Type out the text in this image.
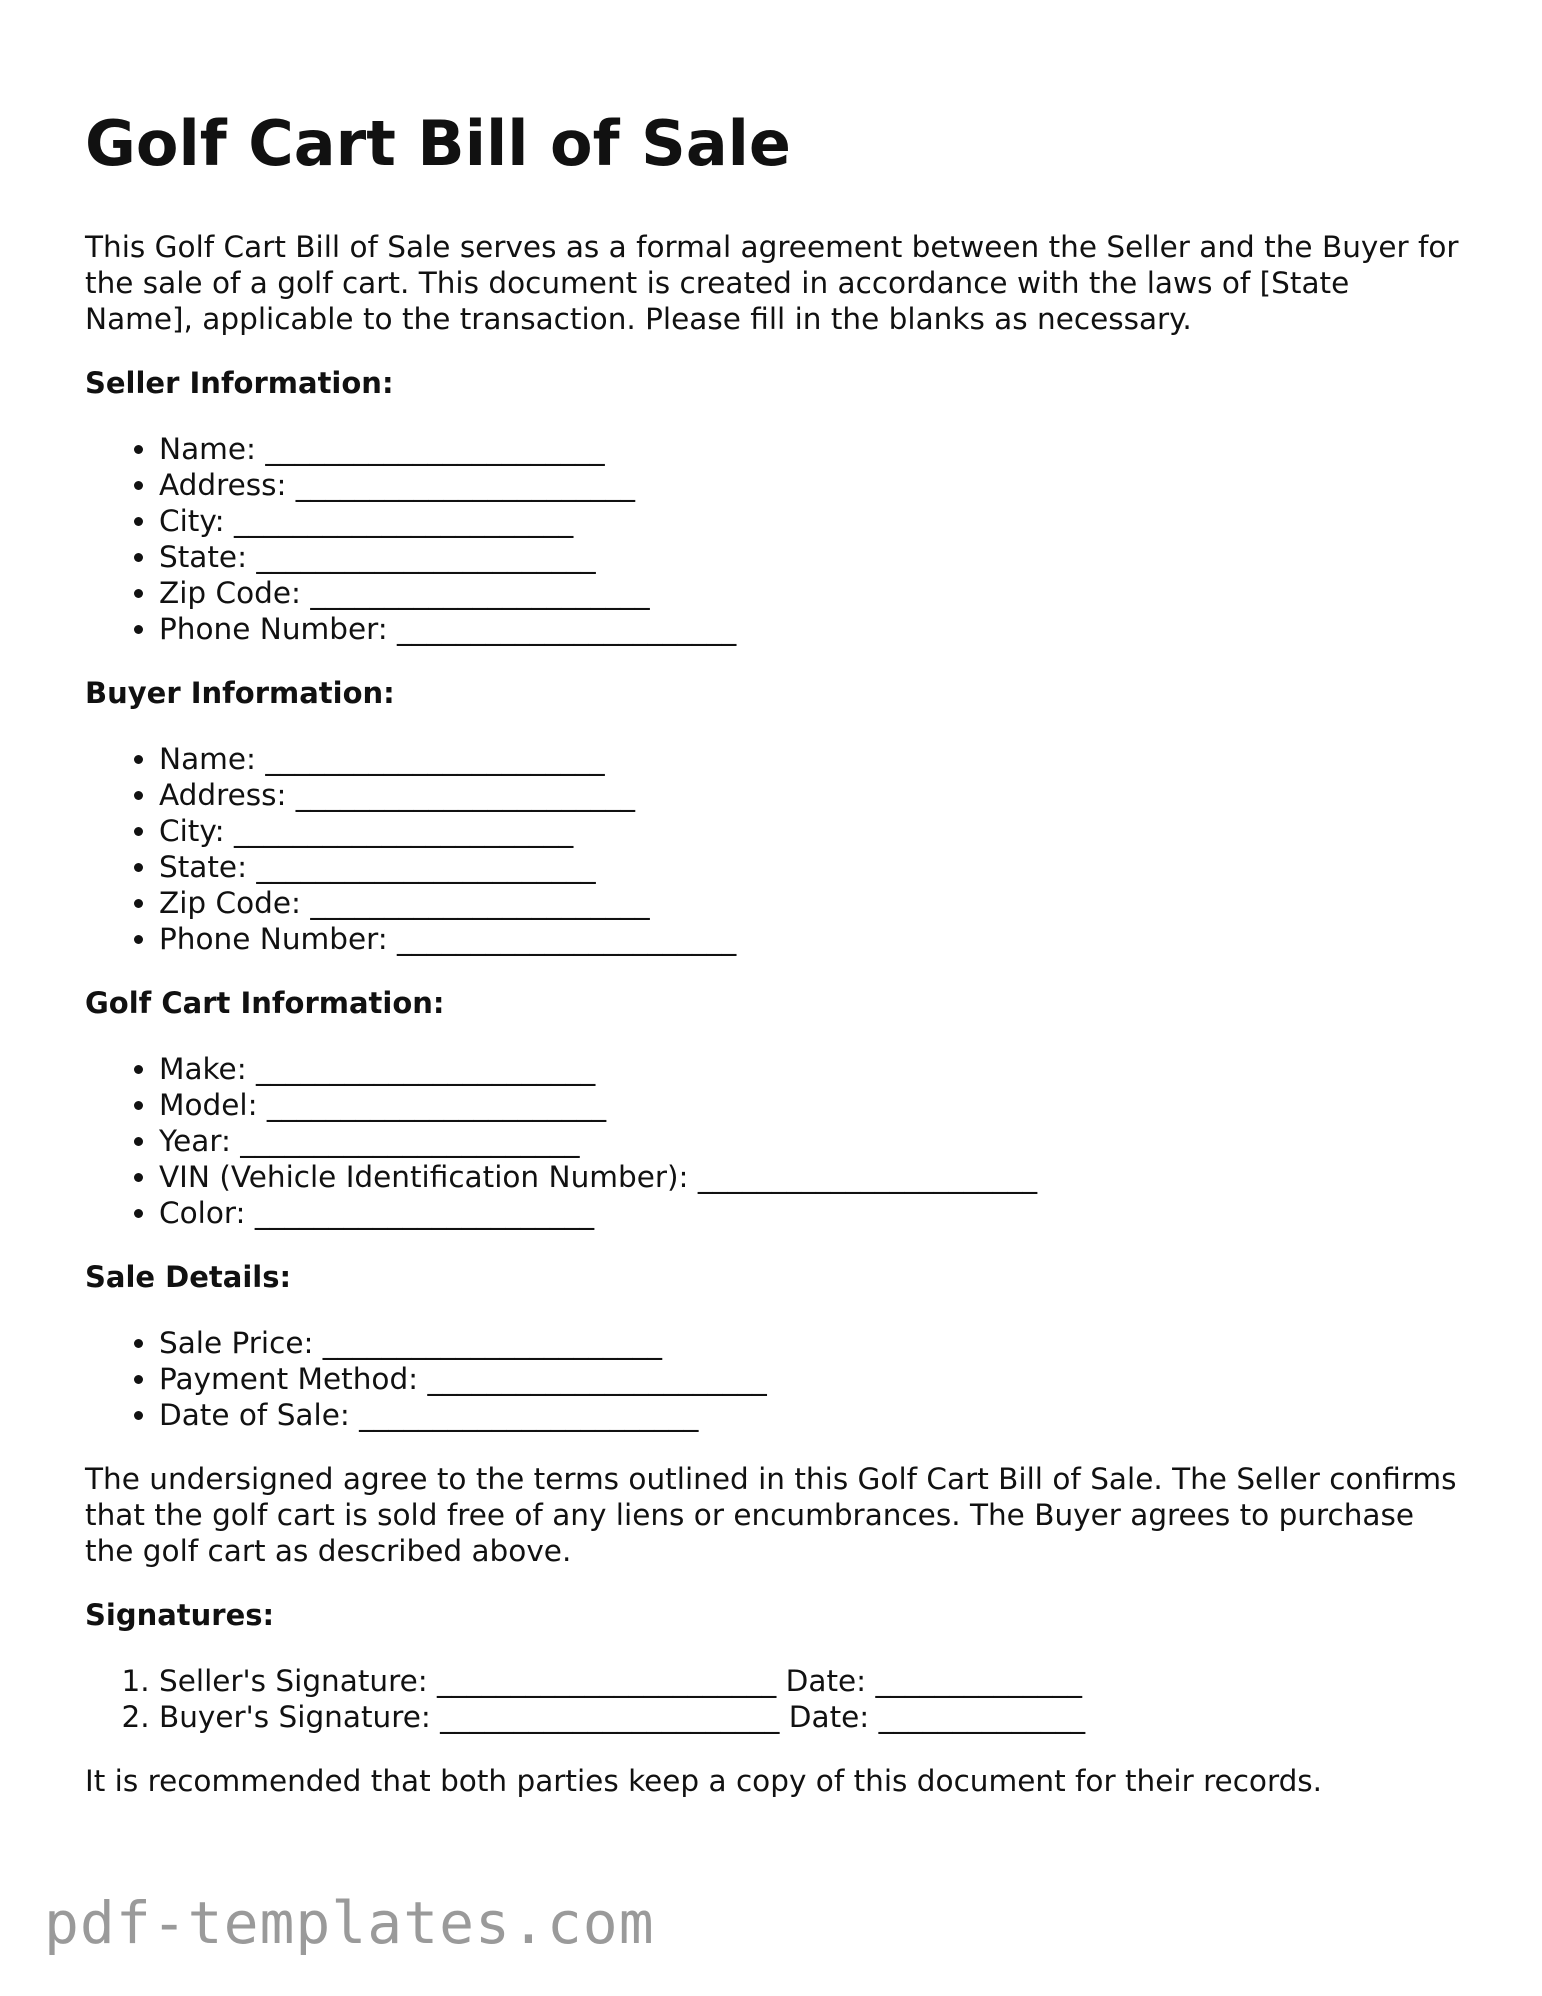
Golf Cart Bill of Sale

This Golf Cart Bill of Sale serves as a formal agreement between the Seller and the Buyer for the sale of a golf cart. This document is created in accordance with the laws of [State Name], applicable to the transaction. Please fill in the blanks as necessary.

Seller Information:
• Name: _______________________
• Address: _______________________
• City: _______________________
• State: _______________________
• Zip Code: _______________________
• Phone Number: _______________________
Buyer Information:
• Name: _______________________
• Address: _______________________
• City: _______________________
• State: _______________________
• Zip Code: _______________________
• Phone Number: _______________________
Golf Cart Information:
• Make: _______________________
• Model: _______________________
• Year: _______________________
• VIN (Vehicle Identification Number): _______________________
• Color: _______________________
Sale Details:
• Sale Price: _______________________
• Payment Method: _______________________
• Date of Sale: _______________________

The undersigned agree to the terms outlined in this Golf Cart Bill of Sale. The Seller confirms that the golf cart is sold free of any liens or encumbrances. The Buyer agrees to purchase the golf cart as described above.

Signatures:
1. Seller's Signature: _______________________ Date: ______________
2. Buyer's Signature: _______________________ Date: ______________

It is recommended that both parties keep a copy of this document for their records.

pdf-templates.com
